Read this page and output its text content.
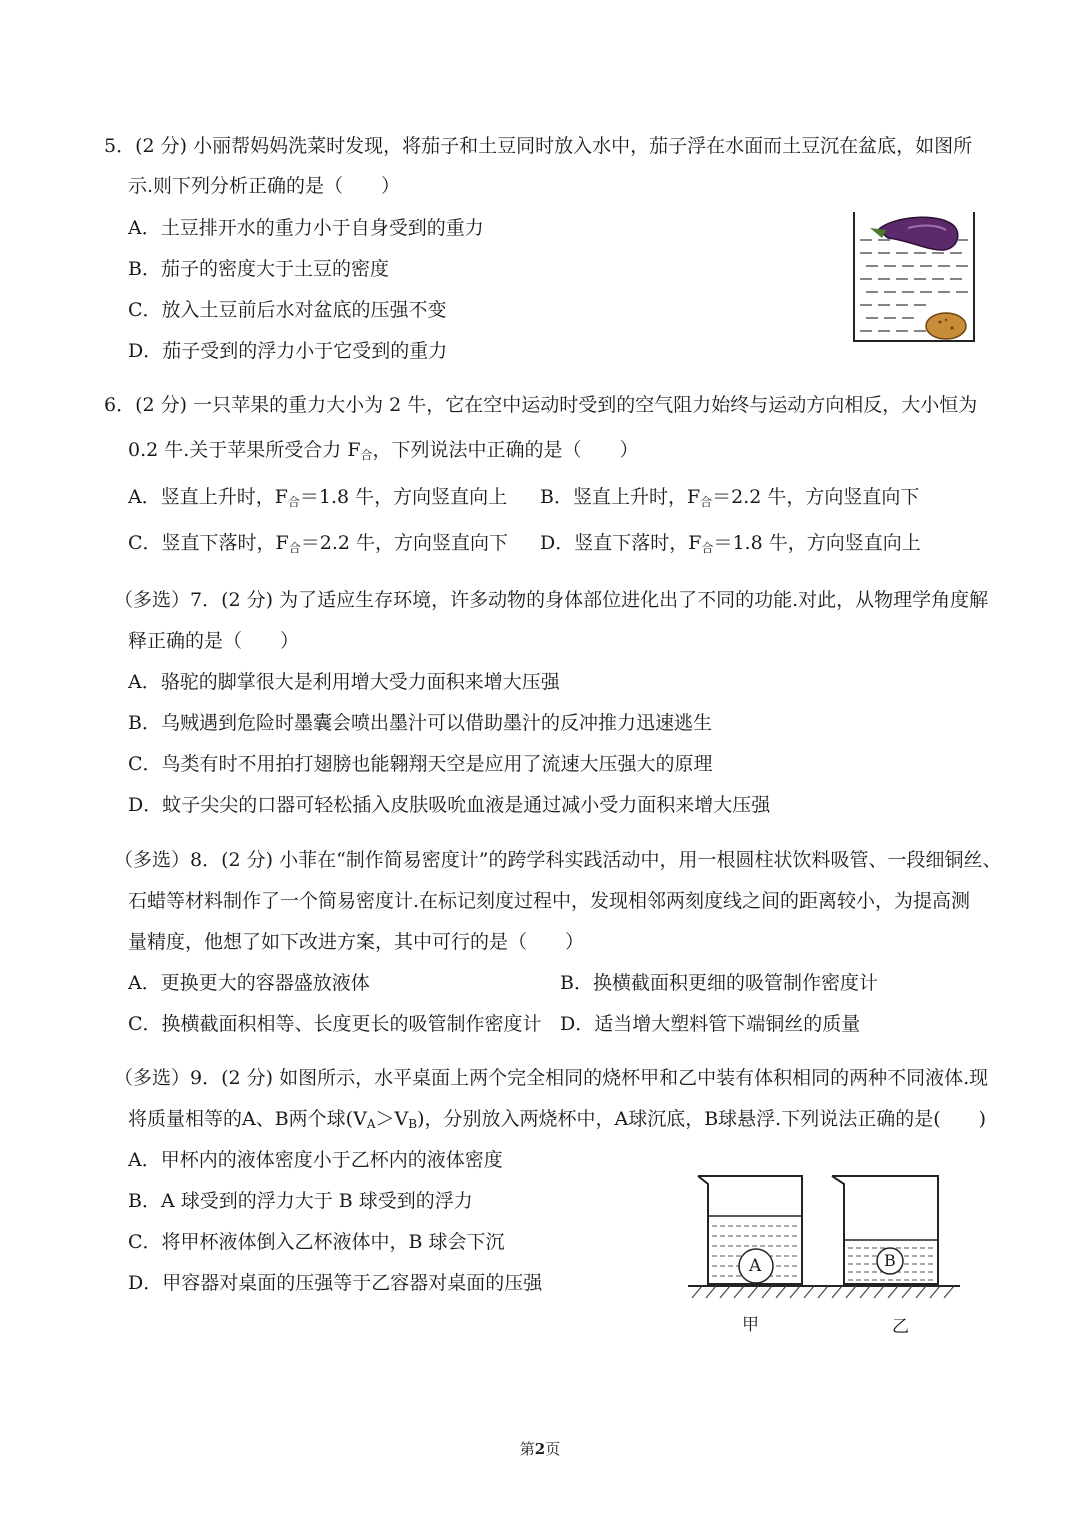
5．(2 分) 小丽帮妈妈洗菜时发现，将茄子和土豆同时放入水中，茄子浮在水面而土豆沉在盆底，如图所
示.则下列分析正确的是（　　）
A．土豆排开水的重力小于自身受到的重力
B．茄子的密度大于土豆的密度
C．放入土豆前后水对盆底的压强不变
D．茄子受到的浮力小于它受到的重力
6．(2 分) 一只苹果的重力大小为 2 牛，它在空中运动时受到的空气阻力始终与运动方向相反，大小恒为
0.2 牛.关于苹果所受合力 $F_合$，下列说法中正确的是（　　）
A．竖直上升时，$F_合=1.8$ 牛，方向竖直向上 B．竖直上升时，$F_合=2.2$ 牛，方向竖直向下
C．竖直下落时，$F_合=2.2$ 牛，方向竖直向下 D．竖直下落时，$F_合=1.8$ 牛，方向竖直向上
（多选）7．(2 分) 为了适应生存环境，许多动物的身体部位进化出了不同的功能.对此，从物理学角度解
释正确的是（　　）
A．骆驼的脚掌很大是利用增大受力面积来增大压强
B．乌贼遇到危险时墨囊会喷出墨汁可以借助墨汁的反冲推力迅速逃生
C．鸟类有时不用拍打翅膀也能翱翔天空是应用了流速大压强大的原理
D．蚊子尖尖的口器可轻松插入皮肤吸吮血液是通过减小受力面积来增大压强
（多选）8．(2 分) 小菲在“制作简易密度计”的跨学科实践活动中，用一根圆柱状饮料吸管、一段细铜丝、
石蜡等材料制作了一个简易密度计.在标记刻度过程中，发现相邻两刻度线之间的距离较小，为提高测
量精度，他想了如下改进方案，其中可行的是（　　）
A．更换更大的容器盛放液体	B．换横截面积更细的吸管制作密度计
C．换横截面积相等、长度更长的吸管制作密度计 D．适当增大塑料管下端铜丝的质量
（多选）9．(2 分) 如图所示，水平桌面上两个完全相同的烧杯甲和乙中装有体积相同的两种不同液体.现
将质量相等的A、B两个球$(V_A>V_B)$，分别放入两烧杯中，A球沉底，B球悬浮.下列说法正确的是(　　)
A．甲杯内的液体密度小于乙杯内的液体密度
B．A 球受到的浮力大于 B 球受到的浮力
C．将甲杯液体倒入乙杯液体中，B 球会下沉
D．甲容器对桌面的压强等于乙容器对桌面的压强
A	B
甲	乙
第2页
